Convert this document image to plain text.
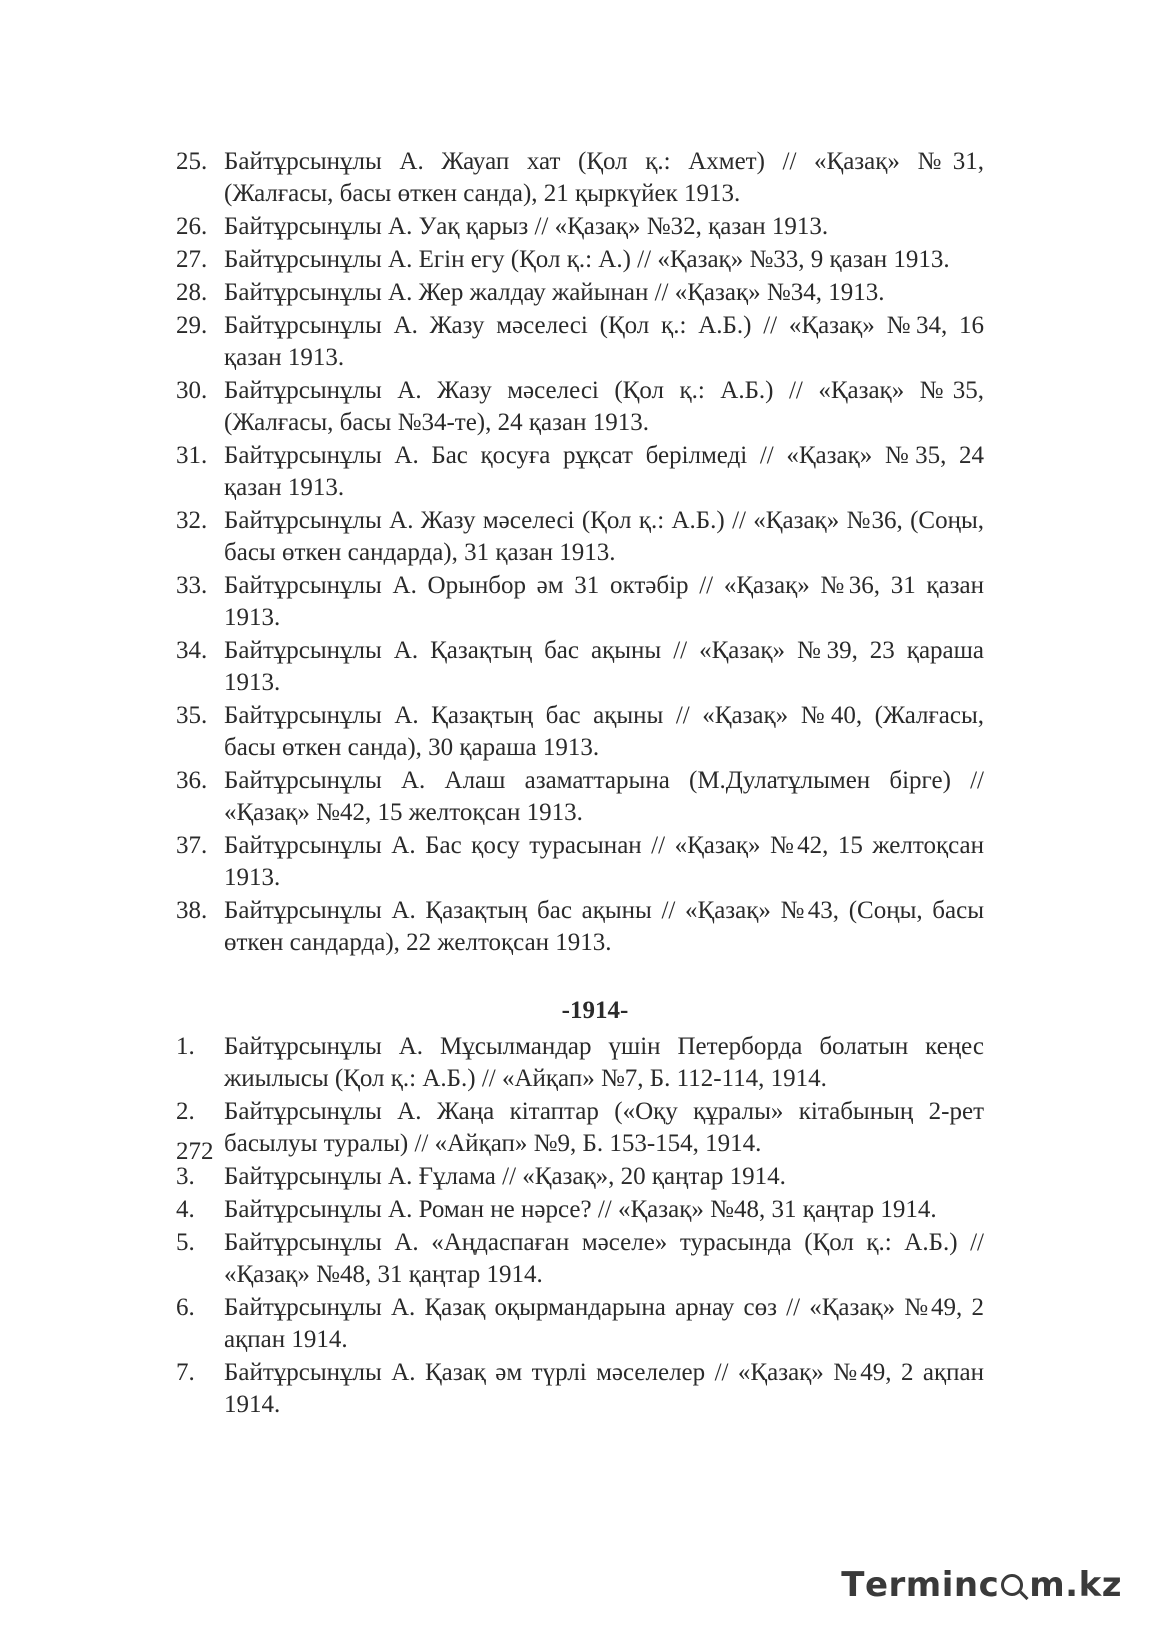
25. Байтұрсынұлы А. Жауап хат (Қол қ.: Ахмет) // «Қазақ» №31, (Жалғасы, басы өткен санда), 21 қыркүйек 1913.
26. Байтұрсынұлы А. Уақ қарыз // «Қазақ» №32, қазан 1913.
27. Байтұрсынұлы А. Егін егу (Қол қ.: А.) // «Қазақ» №33, 9 қазан 1913.
28. Байтұрсынұлы А. Жер жалдау жайынан // «Қазақ» №34, 1913.
29. Байтұрсынұлы А. Жазу мәселесі (Қол қ.: А.Б.) // «Қазақ» №34, 16 қазан 1913.
30. Байтұрсынұлы А. Жазу мәселесі (Қол қ.: А.Б.) // «Қазақ» №35, (Жалғасы, басы №34-те), 24 қазан 1913.
31. Байтұрсынұлы А. Бас қосуға рұқсат берілмеді // «Қазақ» №35, 24 қазан 1913.
32. Байтұрсынұлы А. Жазу мәселесі (Қол қ.: А.Б.) // «Қазақ» №36, (Соңы, басы өткен сандарда), 31 қазан 1913.
33. Байтұрсынұлы А. Орынбор әм 31 октәбір // «Қазақ» №36, 31 қазан 1913.
34. Байтұрсынұлы А. Қазақтың бас ақыны // «Қазақ» №39, 23 қараша 1913.
35. Байтұрсынұлы А. Қазақтың бас ақыны // «Қазақ» №40, (Жалғасы, басы өткен санда), 30 қараша 1913.
36. Байтұрсынұлы А. Алаш азаматтарына (М.Дулатұлымен бірге) // «Қазақ» №42, 15 желтоқсан 1913.
37. Байтұрсынұлы А. Бас қосу турасынан // «Қазақ» №42, 15 желтоқсан 1913.
38. Байтұрсынұлы А. Қазақтың бас ақыны // «Қазақ» №43, (Соңы, басы өткен сандарда), 22 желтоқсан 1913.
-1914-
1.	Байтұрсынұлы А. Мұсылмандар үшін Петерборда болатын кеңес жиылысы (Қол қ.: А.Б.) // «Айқап» №7, Б. 112-114, 1914.
2.	Байтұрсынұлы А. Жаңа кітаптар («Оқу құралы» кітабының 2-рет басылуы туралы) // «Айқап» №9, Б. 153-154, 1914.
3.	Байтұрсынұлы А. Ғұлама // «Қазақ», 20 қаңтар 1914.
4.	Байтұрсынұлы А. Роман не нәрсе? // «Қазақ» №48, 31 қаңтар 1914.
5.	Байтұрсынұлы А. «Аңдаспаған мәселе» турасында (Қол қ.: А.Б.) // «Қазақ» №48, 31 қаңтар 1914.
6.	Байтұрсынұлы А. Қазақ оқырмандарына арнау сөз // «Қазақ» №49, 2 ақпан 1914.
7.	Байтұрсынұлы А. Қазақ әм түрлі мәселелер // «Қазақ» №49, 2 ақпан 1914.
272
T erminc m.kz
